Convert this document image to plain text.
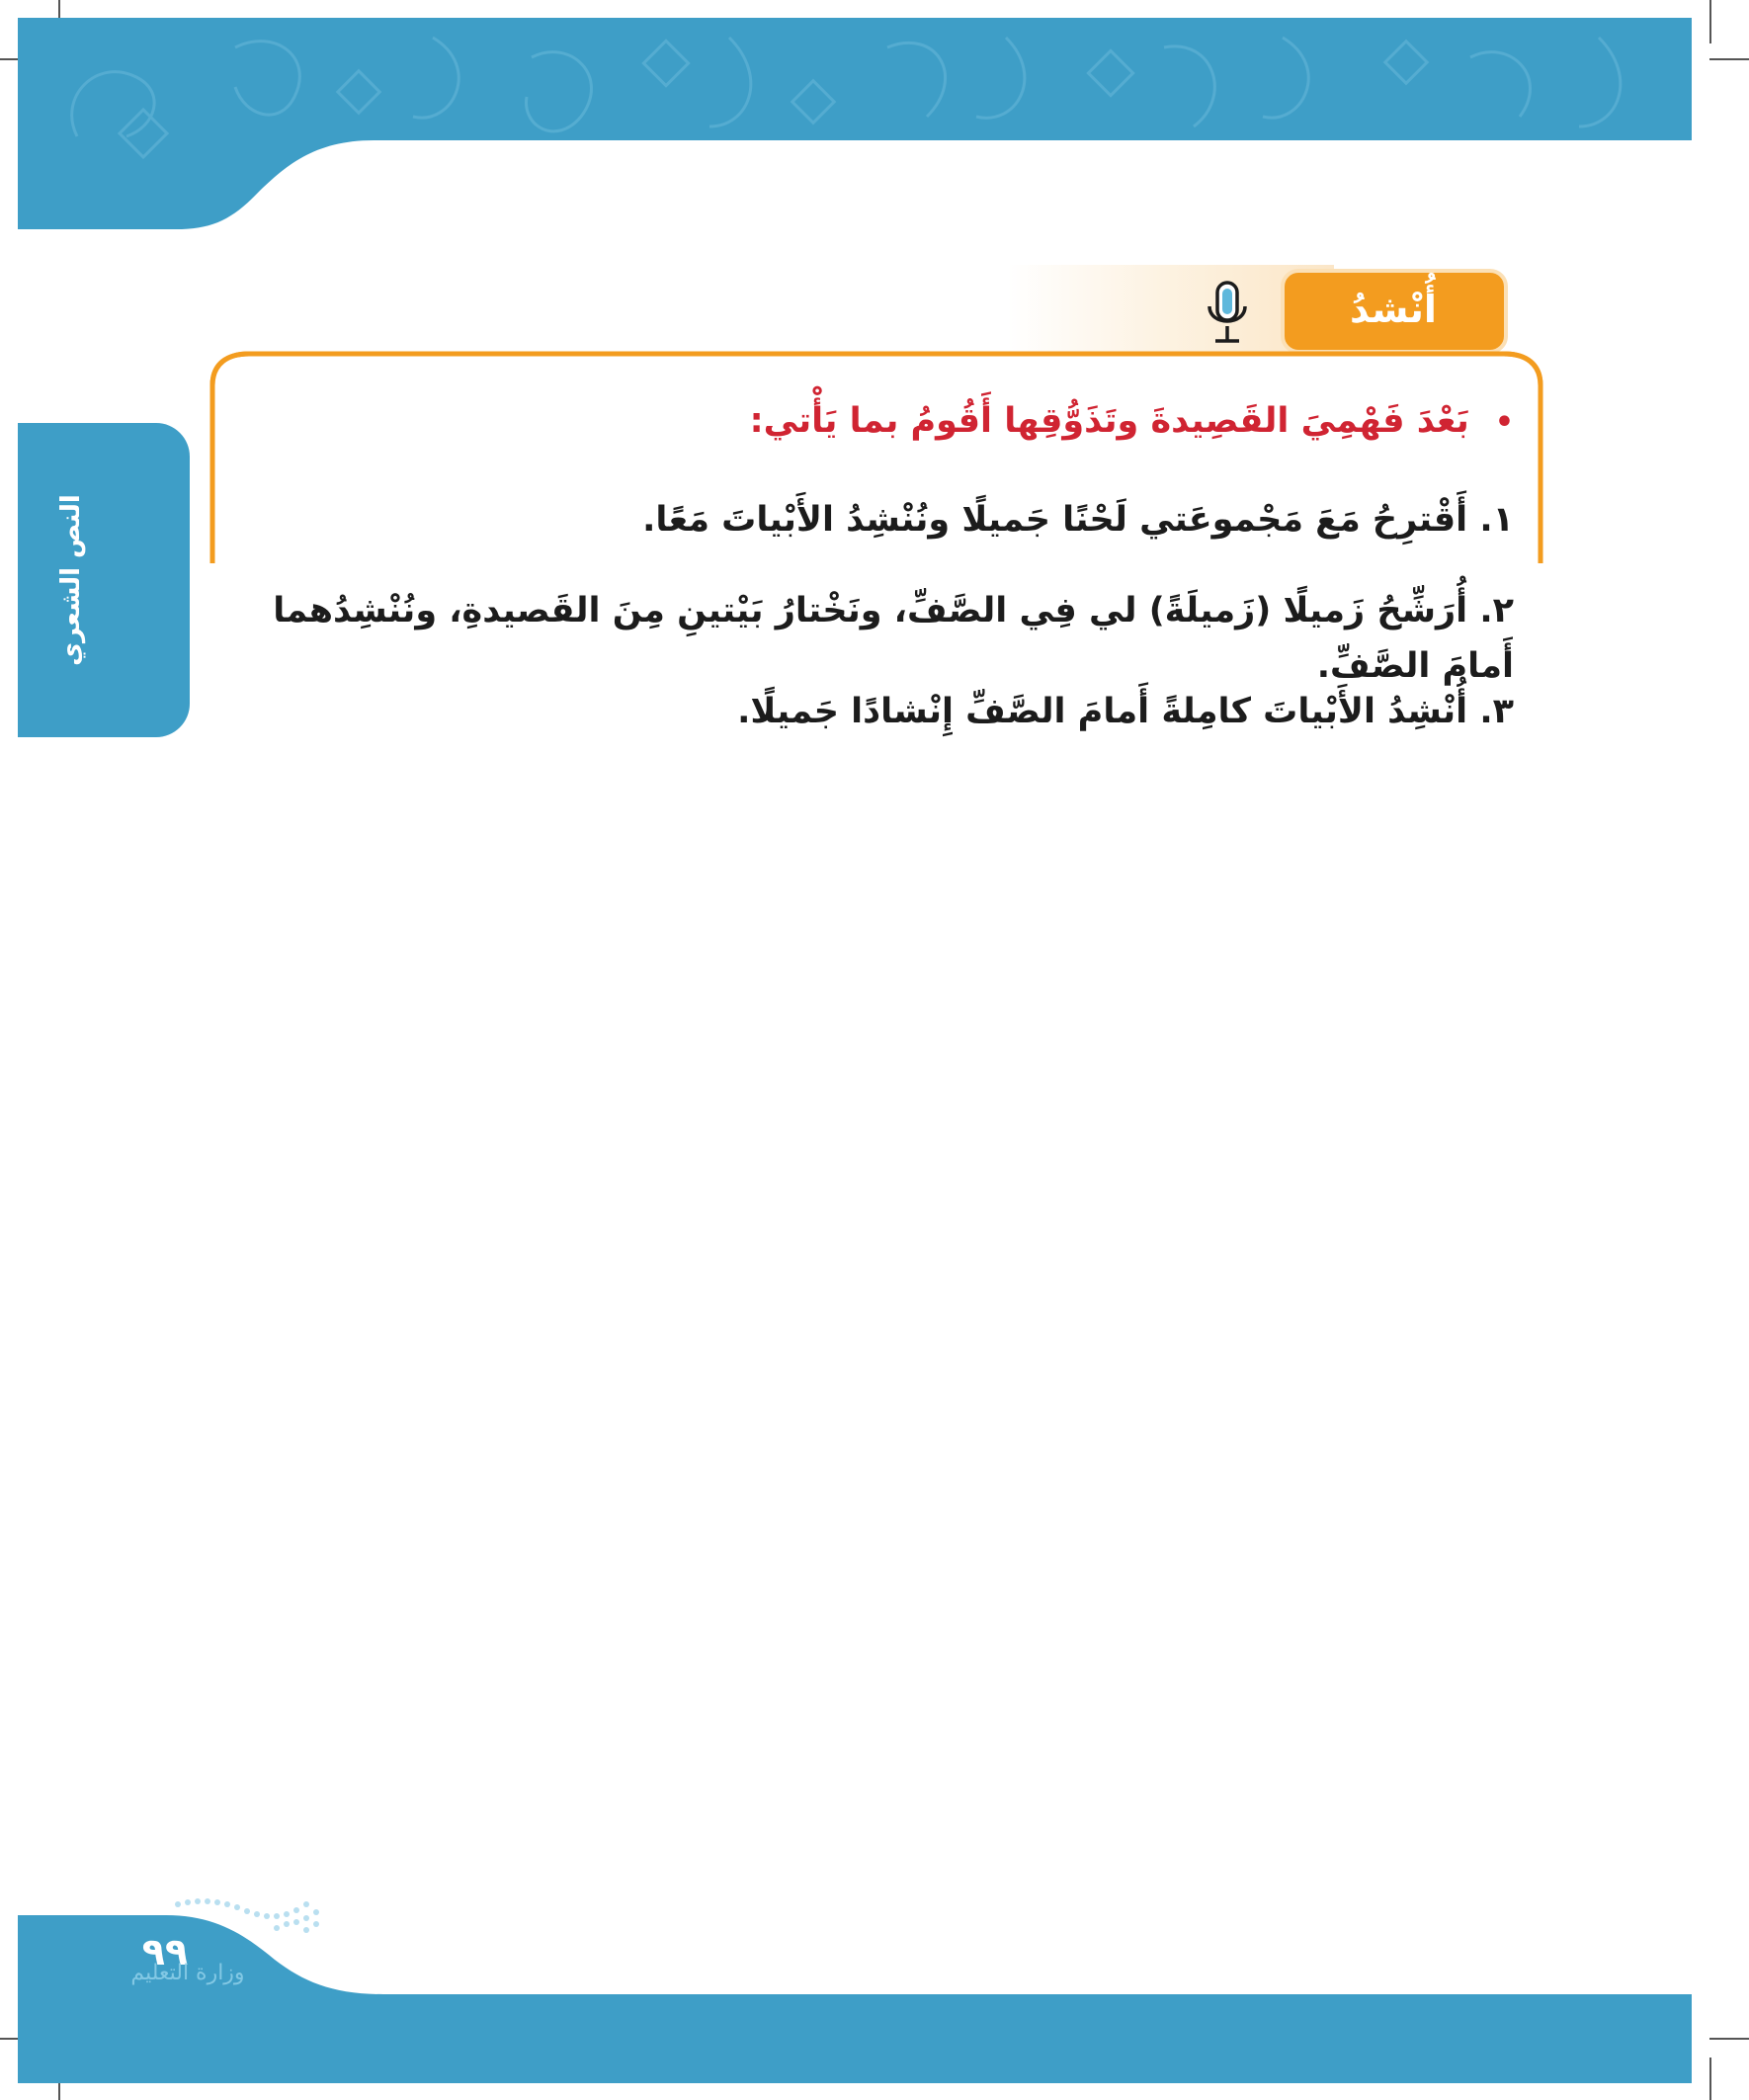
النص الشعري
أُنْشدُ
•بَعْدَ فَهْمِيَ القَصِيدةَ وتَذَوُّقِها أَقُومُ بما يَأْتي:
١. أَقْترِحُ مَعَ مَجْموعَتي لَحْنًا جَميلًا ونُنْشِدُ الأَبْياتَ مَعًا.
٢. أُرَشِّحُ زَميلًا (زَميلَةً) لي فِي الصَّفِّ، ونَخْتارُ بَيْتينِ مِنَ القَصيدةِ، ونُنْشِدُهما أَمامَ الصَّفِّ.
٣. أُنْشِدُ الأَبْياتَ كامِلةً أَمامَ الصَّفِّ إِنْشادًا جَميلًا.
٩٩
وزارة التعليم
